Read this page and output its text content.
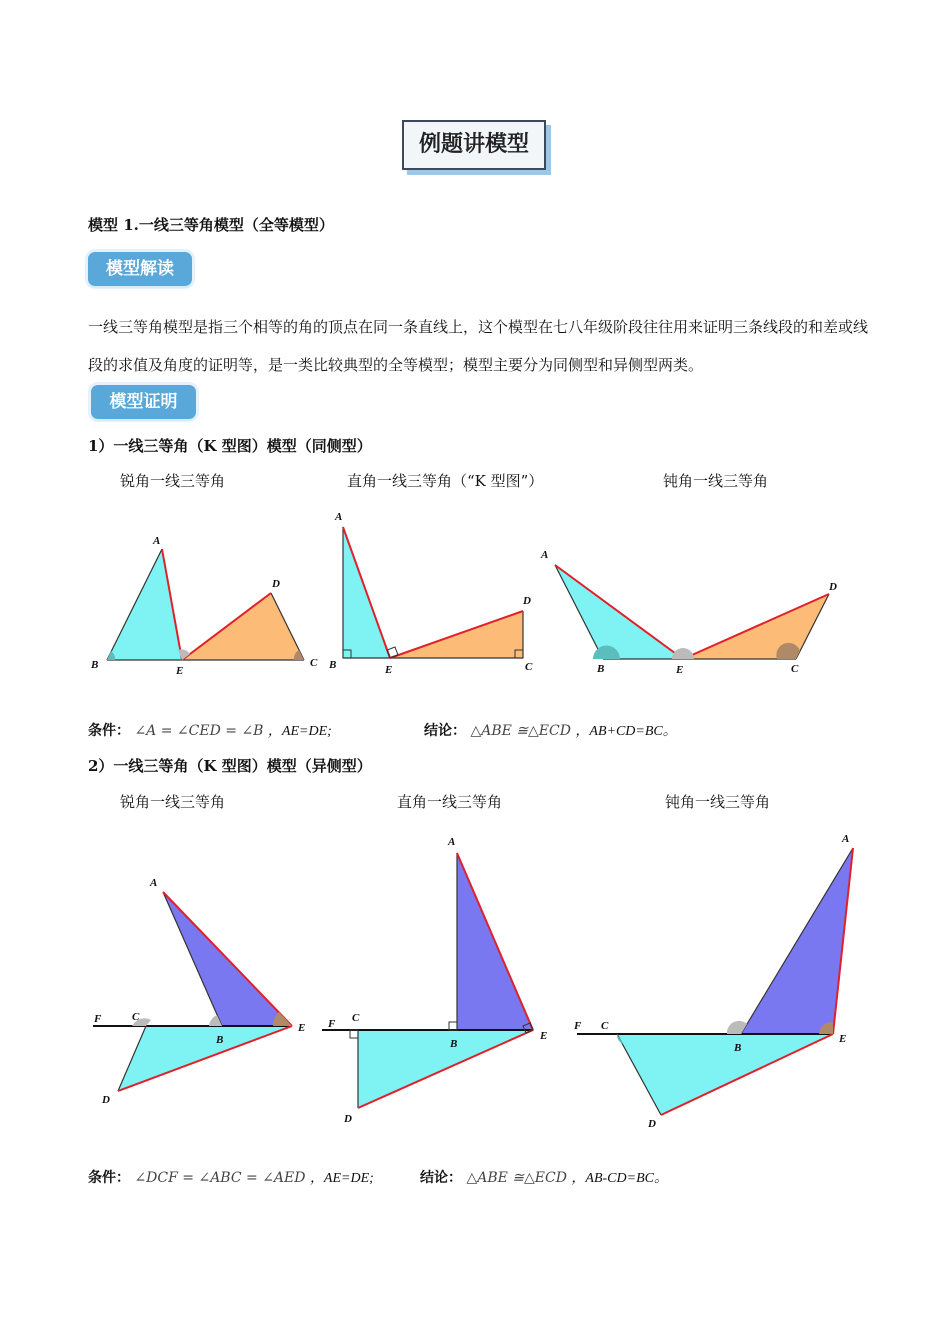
例题讲模型
模型 1.一线三等角模型（全等模型）
模型解读
一线三等角模型是指三个相等的角的顶点在同一条直线上，这个模型在七八年级阶段往往用来证明三条线段的和差或线段的求值及角度的证明等，是一类比较典型的全等模型；模型主要分为同侧型和异侧型两类。
模型证明
1）一线三等角（K 型图）模型（同侧型）
锐角一线三等角	直角一线三等角（“K 型图”）	钝角一线三等角
A
B	E
D
C
A
B	E
D
C
A
B	E
D
C
条件： ∠A = ∠CED = ∠B ，AE=DE;	结论： △ABE ≅△ECD ，AB+CD=BC。
2）一线三等角（K 型图）模型（异侧型）
锐角一线三等角	直角一线三等角	钝角一线三等角
A
F	C
B
E
D
A
F C
B
E
D
A
F C
B
E
D
条件： ∠DCF = ∠ABC = ∠AED ，AE=DE;	结论： △ABE ≅△ECD ，AB-CD=BC。
